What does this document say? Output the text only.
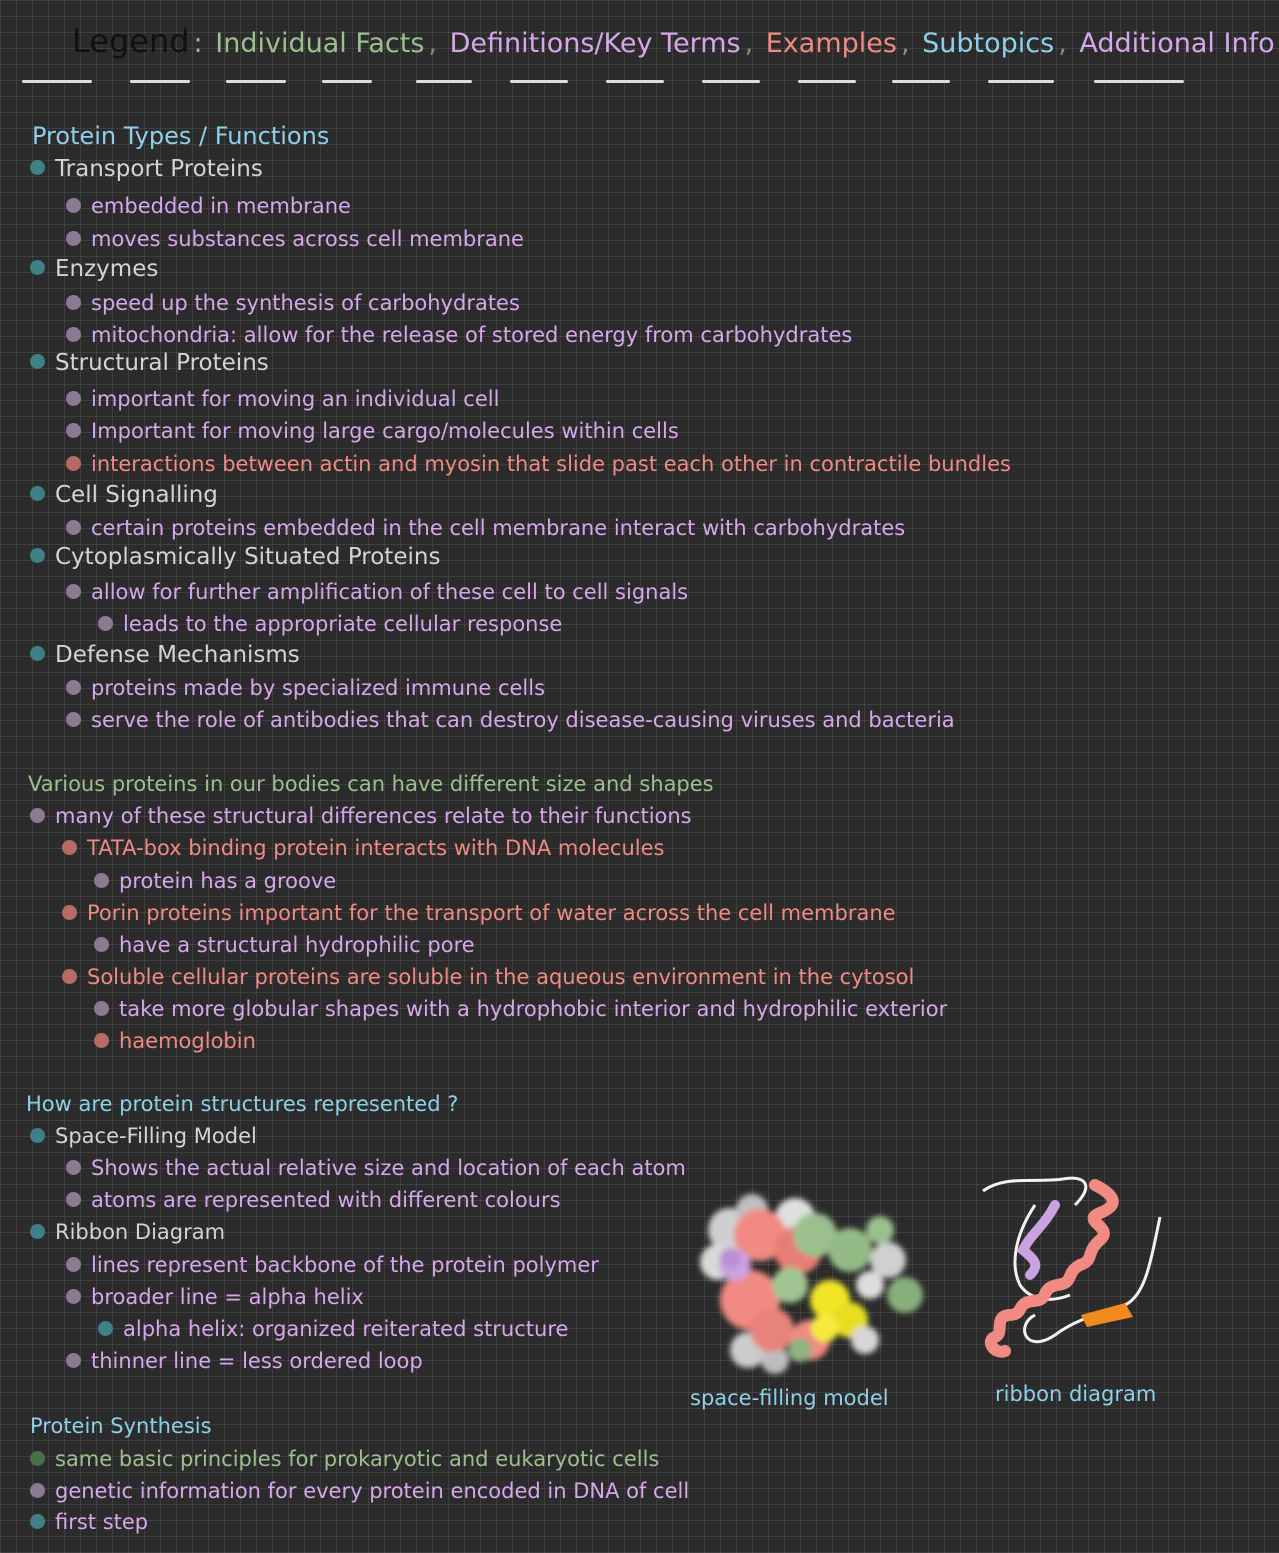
Legend : Individual Facts , Definitions/Key Terms , Examples , Subtopics , Additional Info
Protein Types / Functions
Transport Proteins
embedded in membrane
moves substances across cell membrane
Enzymes
speed up the synthesis of carbohydrates
mitochondria: allow for the release of stored energy from carbohydrates
Structural Proteins
important for moving an individual cell
Important for moving large cargo/molecules within cells
interactions between actin and myosin that slide past each other in contractile bundles
Cell Signalling
certain proteins embedded in the cell membrane interact with carbohydrates
Cytoplasmically Situated Proteins
allow for further amplification of these cell to cell signals
leads to the appropriate cellular response
Defense Mechanisms
proteins made by specialized immune cells
serve the role of antibodies that can destroy disease-causing viruses and bacteria
Various proteins in our bodies can have different size and shapes
many of these structural differences relate to their functions
TATA-box binding protein interacts with DNA molecules
protein has a groove
Porin proteins important for the transport of water across the cell membrane
have a structural hydrophilic pore
Soluble cellular proteins are soluble in the aqueous environment in the cytosol
take more globular shapes with a hydrophobic interior and hydrophilic exterior
haemoglobin
How are protein structures represented ?
Space-Filling Model
Shows the actual relative size and location of each atom
atoms are represented with different colours
Ribbon Diagram
lines represent backbone of the protein polymer
broader line = alpha helix
alpha helix: organized reiterated structure
thinner line = less ordered loop
space-filling model	ribbon diagram
Protein Synthesis
same basic principles for prokaryotic and eukaryotic cells
genetic information for every protein encoded in DNA of cell
first step
